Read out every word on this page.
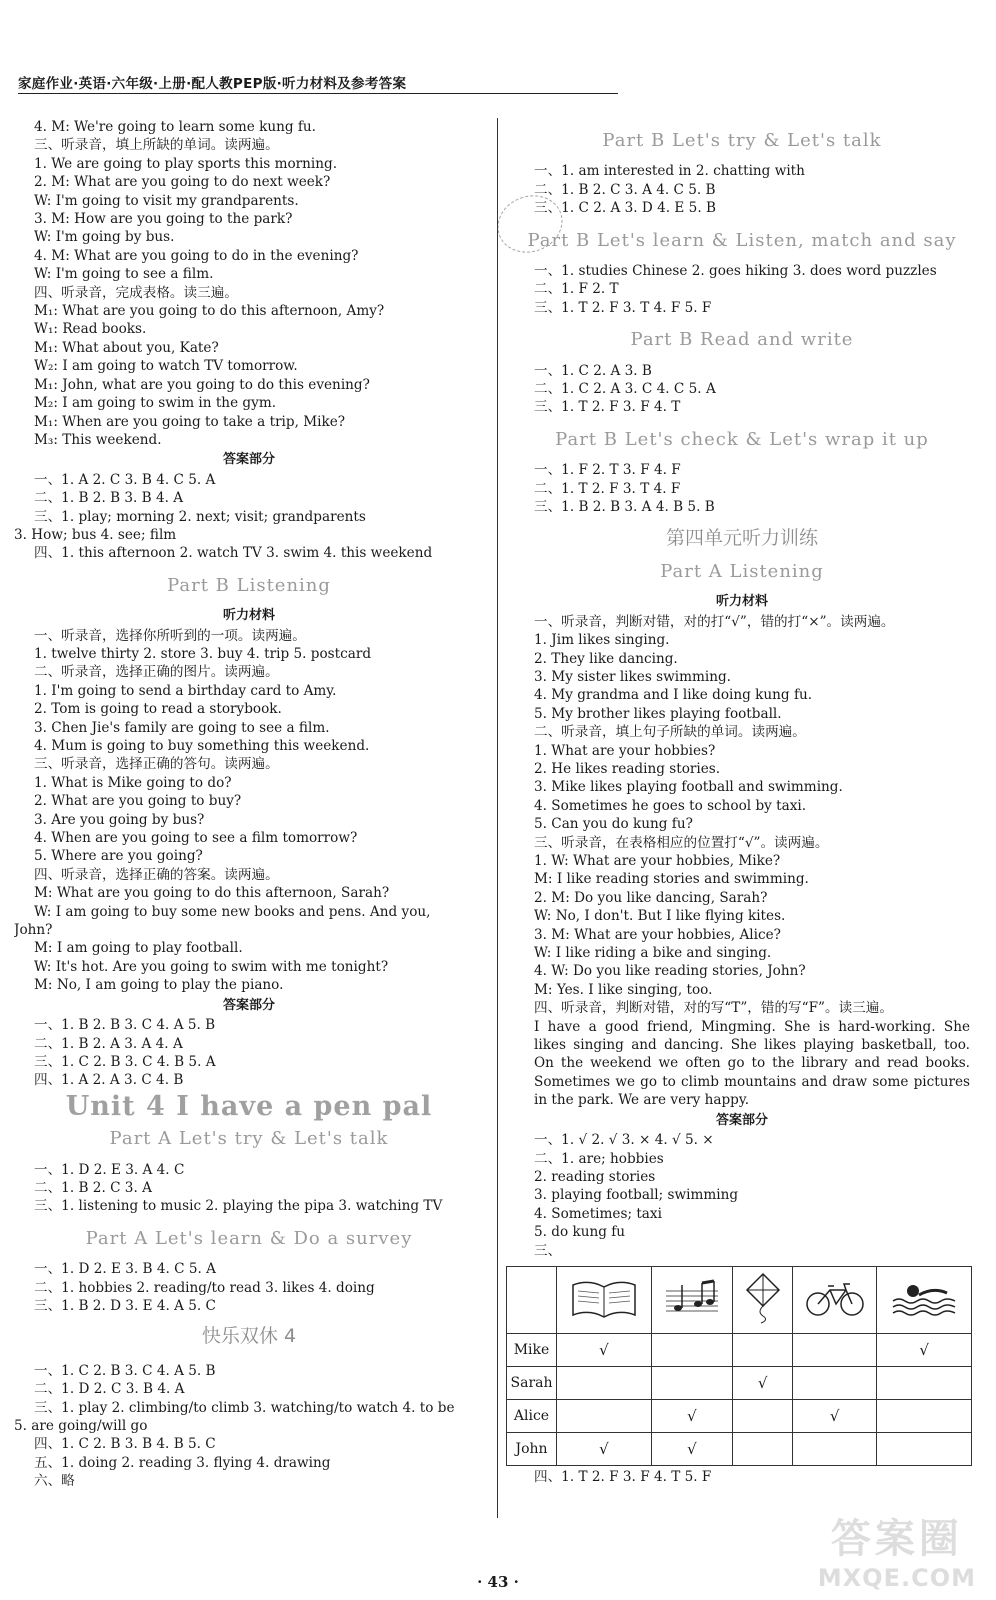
家庭作业·英语·六年级·上册·配人教PEP版·听力材料及参考答案
4. M: We're going to learn some kung fu.
三、听录音，填上所缺的单词。读两遍。
1. We are going to play sports this morning.
2. M: What are you going to do next week?
W: I'm going to visit my grandparents.
3. M: How are you going to the park?
W: I'm going by bus.
4. M: What are you going to do in the evening?
W: I'm going to see a film.
四、听录音，完成表格。读三遍。
M₁: What are you going to do this afternoon, Amy?
W₁: Read books.
M₁: What about you, Kate?
W₂: I am going to watch TV tomorrow.
M₁: John, what are you going to do this evening?
M₂: I am going to swim in the gym.
M₁: When are you going to take a trip, Mike?
M₃: This weekend.
答案部分
一、1. A 2. C 3. B 4. C 5. A
二、1. B 2. B 3. B 4. A
三、1. play; morning 2. next; visit; grandparents
3. How; bus 4. see; film
四、1. this afternoon 2. watch TV 3. swim 4. this weekend
Part B Listening
听力材料
一、听录音，选择你所听到的一项。读两遍。
1. twelve thirty 2. store 3. buy 4. trip 5. postcard
二、听录音，选择正确的图片。读两遍。
1. I'm going to send a birthday card to Amy.
2. Tom is going to read a storybook.
3. Chen Jie's family are going to see a film.
4. Mum is going to buy something this weekend.
三、听录音，选择正确的答句。读两遍。
1. What is Mike going to do?
2. What are you going to buy?
3. Are you going by bus?
4. When are you going to see a film tomorrow?
5. Where are you going?
四、听录音，选择正确的答案。读两遍。
M: What are you going to do this afternoon, Sarah?
W: I am going to buy some new books and pens. And you,
John?
M: I am going to play football.
W: It's hot. Are you going to swim with me tonight?
M: No, I am going to play the piano.
答案部分
一、1. B 2. B 3. C 4. A 5. B
二、1. B 2. A 3. A 4. A
三、1. C 2. B 3. C 4. B 5. A
四、1. A 2. A 3. C 4. B
Unit 4 I have a pen pal
Part A Let's try & Let's talk
一、1. D 2. E 3. A 4. C
二、1. B 2. C 3. A
三、1. listening to music 2. playing the pipa 3. watching TV
Part A Let's learn & Do a survey
一、1. D 2. E 3. B 4. C 5. A
二、1. hobbies 2. reading/to read 3. likes 4. doing
三、1. B 2. D 3. E 4. A 5. C
快乐双休 4
一、1. C 2. B 3. C 4. A 5. B
二、1. D 2. C 3. B 4. A
三、1. play 2. climbing/to climb 3. watching/to watch 4. to be
5. are going/will go
四、1. C 2. B 3. B 4. B 5. C
五、1. doing 2. reading 3. flying 4. drawing
六、略
Part B Let's try & Let's talk
一、1. am interested in 2. chatting with
二、1. B 2. C 3. A 4. C 5. B
三、1. C 2. A 3. D 4. E 5. B
Part B Let's learn & Listen, match and say
一、1. studies Chinese 2. goes hiking 3. does word puzzles
二、1. F 2. T
三、1. T 2. F 3. T 4. F 5. F
Part B Read and write
一、1. C 2. A 3. B
二、1. C 2. A 3. C 4. C 5. A
三、1. T 2. F 3. F 4. T
Part B Let's check & Let's wrap it up
一、1. F 2. T 3. F 4. F
二、1. T 2. F 3. T 4. F
三、1. B 2. B 3. A 4. B 5. B
第四单元听力训练
Part A Listening
听力材料
一、听录音，判断对错，对的打“√”，错的打“×”。读两遍。
1. Jim likes singing.
2. They like dancing.
3. My sister likes swimming.
4. My grandma and I like doing kung fu.
5. My brother likes playing football.
二、听录音，填上句子所缺的单词。读两遍。
1. What are your hobbies?
2. He likes reading stories.
3. Mike likes playing football and swimming.
4. Sometimes he goes to school by taxi.
5. Can you do kung fu?
三、听录音，在表格相应的位置打“√”。读两遍。
1. W: What are your hobbies, Mike?
M: I like reading stories and swimming.
2. M: Do you like dancing, Sarah?
W: No, I don't. But I like flying kites.
3. M: What are your hobbies, Alice?
W: I like riding a bike and singing.
4. W: Do you like reading stories, John?
M: Yes. I like singing, too.
四、听录音，判断对错，对的写“T”，错的写“F”。读三遍。
I have a good friend, Mingming. She is hard-working. She likes singing and dancing. She likes playing basketball, too. On the weekend we often go to the library and read books. Sometimes we go to climb mountains and draw some pictures in the park. We are very happy.
答案部分
一、1. √ 2. √ 3. × 4. √ 5. ×
二、1. are; hobbies
2. reading stories
3. playing football; swimming
4. Sometimes; taxi
5. do kung fu
三、

Mike	√				√
Sarah			√		
Alice		√		√	
John	√	√			
四、1. T 2. F 3. F 4. T 5. F
· 43 ·
答案圈
MXQE.COM
